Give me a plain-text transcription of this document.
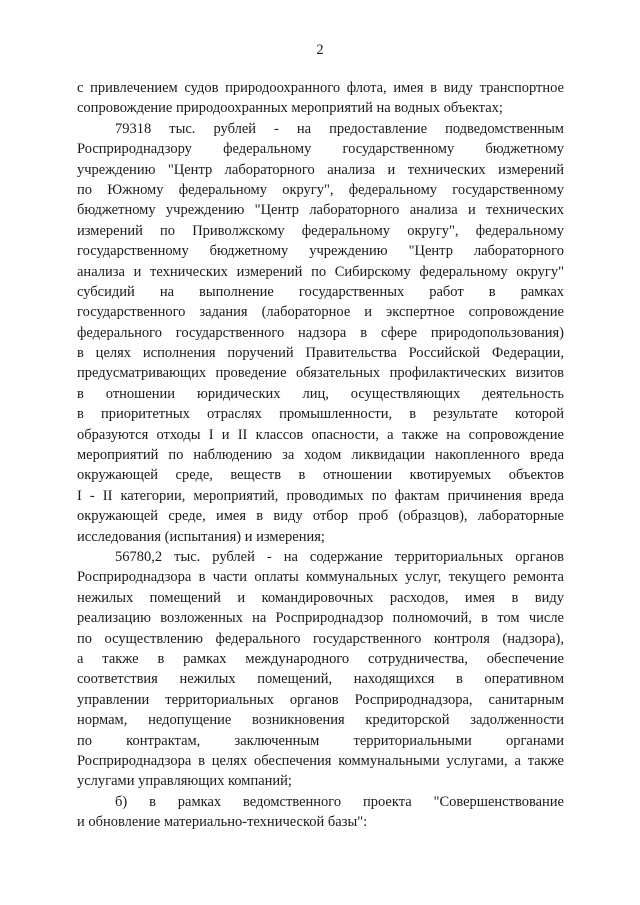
2
с привлечением судов природоохранного флота, имея в виду транспортное
сопровождение природоохранных мероприятий на водных объектах;
79318 тыс. рублей - на предоставление подведомственным
Росприроднадзору федеральному государственному бюджетному
учреждению "Центр лабораторного анализа и технических измерений
по Южному федеральному округу", федеральному государственному
бюджетному учреждению "Центр лабораторного анализа и технических
измерений по Приволжскому федеральному округу", федеральному
государственному бюджетному учреждению "Центр лабораторного
анализа и технических измерений по Сибирскому федеральному округу"
субсидий на выполнение государственных работ в рамках
государственного задания (лабораторное и экспертное сопровождение
федерального государственного надзора в сфере природопользования)
в целях исполнения поручений Правительства Российской Федерации,
предусматривающих проведение обязательных профилактических визитов
в отношении юридических лиц, осуществляющих деятельность
в приоритетных отраслях промышленности, в результате которой
образуются отходы I и II классов опасности, а также на сопровождение
мероприятий по наблюдению за ходом ликвидации накопленного вреда
окружающей среде, веществ в отношении квотируемых объектов
I - II категории, мероприятий, проводимых по фактам причинения вреда
окружающей среде, имея в виду отбор проб (образцов), лабораторные
исследования (испытания) и измерения;
56780,2 тыс. рублей - на содержание территориальных органов
Росприроднадзора в части оплаты коммунальных услуг, текущего ремонта
нежилых помещений и командировочных расходов, имея в виду
реализацию возложенных на Росприроднадзор полномочий, в том числе
по осуществлению федерального государственного контроля (надзора),
а также в рамках международного сотрудничества, обеспечение
соответствия нежилых помещений, находящихся в оперативном
управлении территориальных органов Росприроднадзора, санитарным
нормам, недопущение возникновения кредиторской задолженности
по контрактам, заключенным территориальными органами
Росприроднадзора в целях обеспечения коммунальными услугами, а также
услугами управляющих компаний;
б) в рамках ведомственного проекта "Совершенствование
и обновление материально-технической базы":
